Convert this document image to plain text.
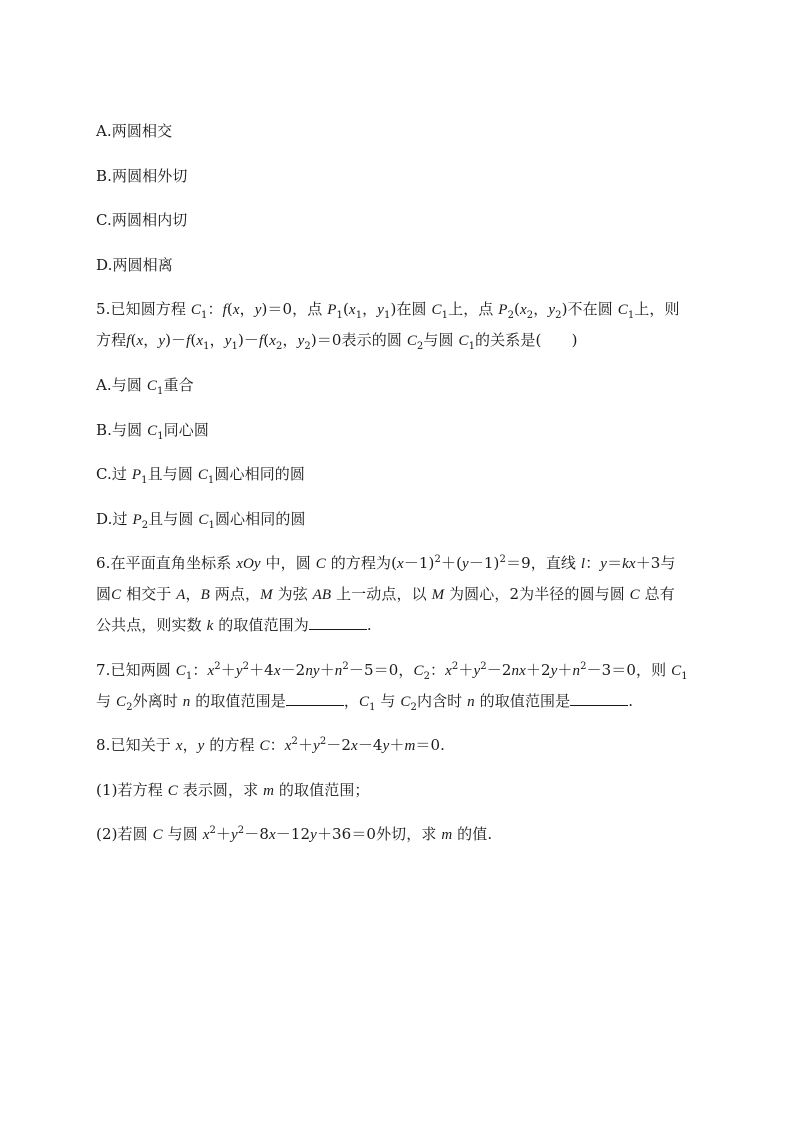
A.两圆相交
B.两圆相外切
C.两圆相内切
D.两圆相离
5.已知圆方程 $C_1$：f(x，y)＝0，点 $P_1(x_1$，$y_1$)在圆 $C_1$上，点 $P_2(x_2$，$y_2$)不在圆 $C_1$上，则
方程f(x，$y)-f(x_1$，$y_1)-f(x_2$，$y_2)=0$表示的圆 $C_2$与圆 $C_1$的关系是(　　)
A.与圆 $C_1$重合
B.与圆 $C_1$同心圆
C.过 $P_1$且与圆 $C_1$圆心相同的圆
D.过 $P_2$且与圆 $C_1$圆心相同的圆
6.在平面直角坐标系 xOy 中，圆 C 的方程为$(x-1)^2+(y-1)^2=9$，直线 l：y＝kx＋3与
圆C 相交于 A，B 两点，M 为弦 AB 上一动点，以 M 为圆心，2为半径的圆与圆 C 总有
公共点，则实数 k 的取值范围为	.
7.已知两圆 $C_1$：$x^2+y^2+4x-2ny+n^2-5=0$，$C_2$：$x^2+y^2-2nx+2y+n^2-3=0$，则 $C_1$
与 $C_2$外离时 n 的取值范围是	，$C_1$ 与 $C_2$内含时 n 的取值范围是	.
8.已知关于 x，y 的方程 C：$x^2+y^2-2x-4y+m=0$.
(1)若方程 C 表示圆，求 m 的取值范围；
(2)若圆 C 与圆 $x^2+y^2-8x-12y+36=0$外切，求 m 的值.
